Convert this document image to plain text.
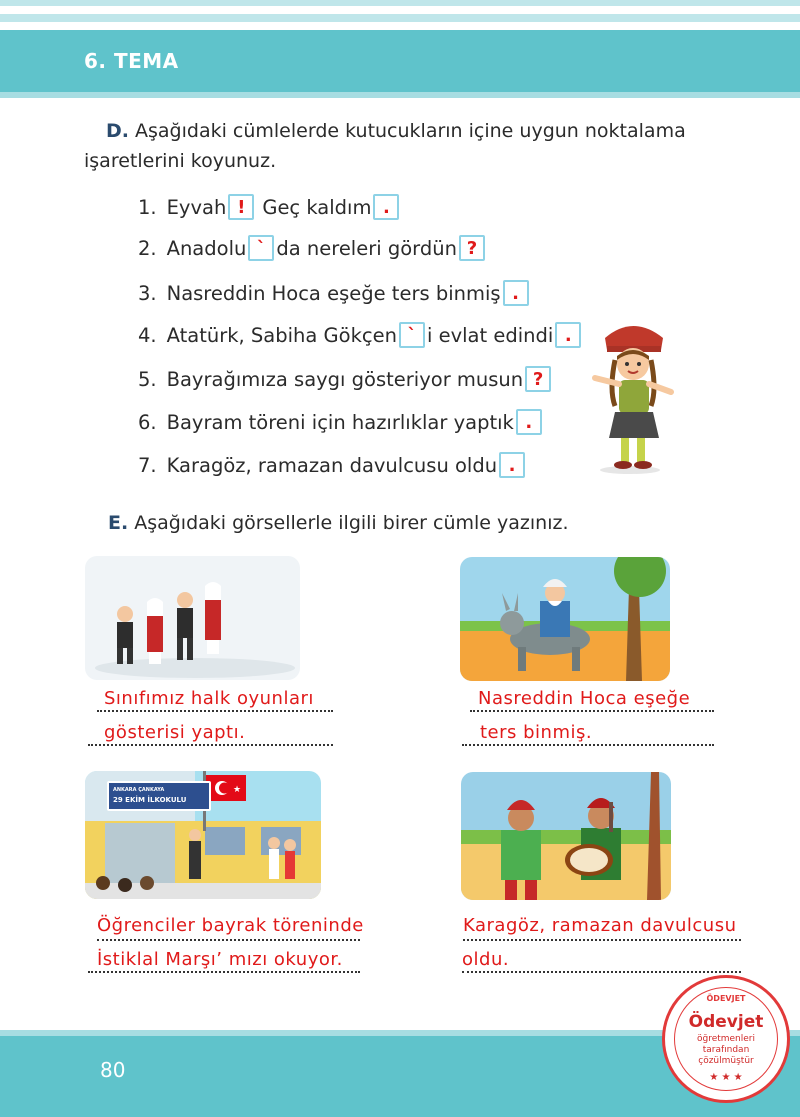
6. TEMA
D. Aşağıdaki cümlelerde kutucukların içine uygun noktalama
işaretlerini koyunuz.
1. Eyvah ! Geç kaldım .
2. Anadolu ` da nereleri gördün ?
3. Nasreddin Hoca eşeğe ters binmiş .
4. Atatürk, Sabiha Gökçen ` i evlat edindi .
5. Bayrağımıza saygı gösteriyor musun ?
6. Bayram töreni için hazırlıklar yaptık .
7. Karagöz, ramazan davulcusu oldu .
E. Aşağıdaki görsellerle ilgili birer cümle yazınız.
Sınıfımız halk oyunları
gösterisi yaptı.
Nasreddin Hoca eşeğe
ters binmiş.
★
ANKARA ÇANKAYA
29 EKİM İLKOKULU
Öğrenciler bayrak töreninde
İstiklal Marşı’ mızı okuyor.
Karagöz, ramazan davulcusu
oldu.
80
ÖDEVJET
Ödevjet
öğretmenleri
tarafından
çözülmüştür
★ ★ ★
